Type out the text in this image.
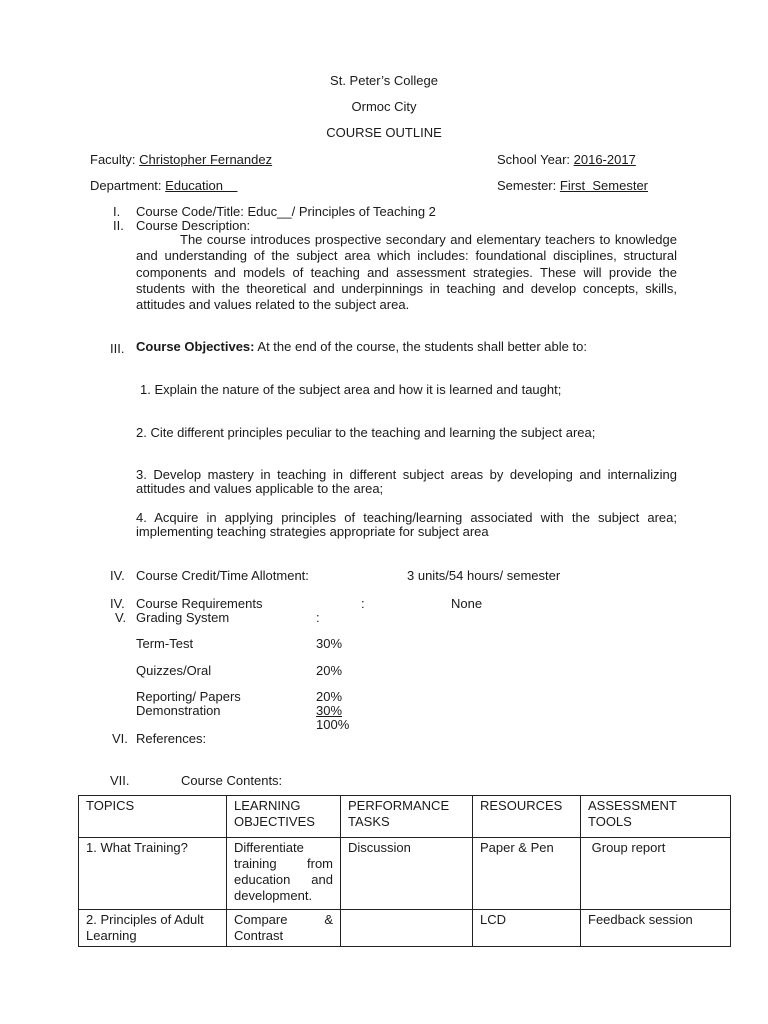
St. Peter’s College
Ormoc City
COURSE OUTLINE
Faculty: Christopher Fernandez	School Year: 2016-2017
Department: Education	Semester: First  Semester
I. Course Code/Title: Educ__/ Principles of Teaching 2
II. Course Description:
The course introduces prospective secondary and elementary teachers to knowledge and understanding of the subject area which includes: foundational disciplines, structural components and models of teaching and assessment strategies. These will provide the students with the theoretical and underpinnings in teaching and develop concepts, skills, attitudes and values related to the subject area.
III. Course Objectives: At the end of the course, the students shall better able to:
1. Explain the nature of the subject area and how it is learned and taught;
2. Cite different principles peculiar to the teaching and learning the subject area;
3. Develop mastery in teaching in different subject areas by developing and internalizing attitudes and values applicable to the area;
4. Acquire in applying principles of teaching/learning associated with the subject area; implementing teaching strategies appropriate for subject area
IV. Course Credit/Time Allotment:	3 units/54 hours/ semester
IV. Course Requirements	:	None
V. Grading System	:
Term-Test	30%
Quizzes/Oral	20%
Reporting/ Papers	20%
Demonstration	30%
100%
VI. References:
VII.	Course Contents:
TOPICS	LEARNING OBJECTIVES	PERFORMANCE TASKS	RESOURCES	ASSESSMENT TOOLS
1. What Training?	Differentiate training from education and development.	Discussion	Paper & Pen	Group report
2. Principles of Adult Learning	Compare & Contrast		LCD	Feedback session
